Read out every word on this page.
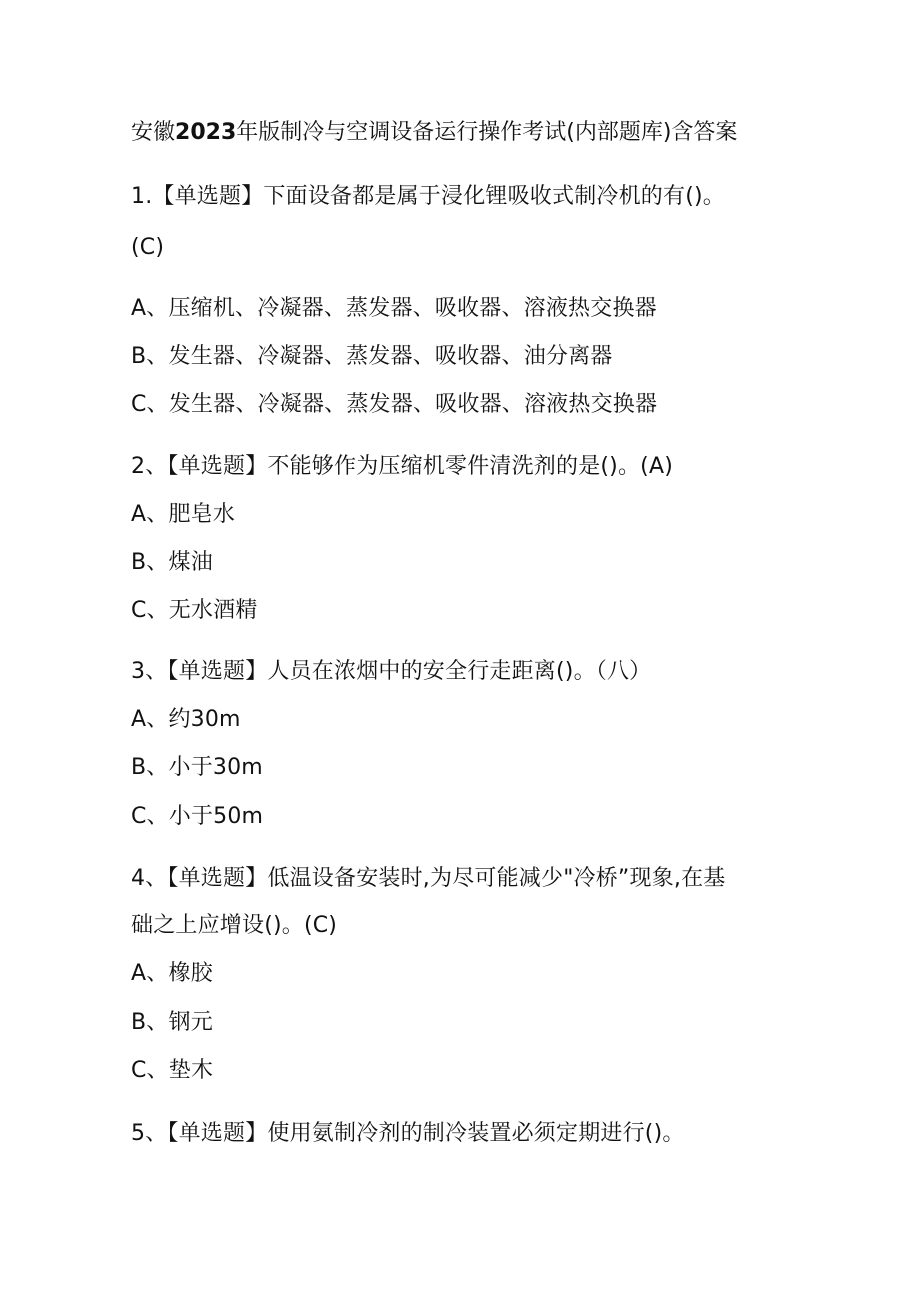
安徽2023年版制冷与空调设备运行操作考试(内部题库)含答案
1.【单选题】下面设备都是属于浸化锂吸收式制冷机的有()。
(C)
A、压缩机、冷凝器、蒸发器、吸收器、溶液热交换器
B、发生器、冷凝器、蒸发器、吸收器、油分离器
C、发生器、冷凝器、蒸发器、吸收器、溶液热交换器
2、【单选题】不能够作为压缩机零件清洗剂的是()。(A)
A、肥皂水
B、煤油
C、无水酒精
3、【单选题】人员在浓烟中的安全行走距离()。（八）
A、约30m
B、小于30m
C、小于50m
4、【单选题】低温设备安装时,为尽可能减少"冷桥”现象,在基
础之上应增设()。(C)
A、橡胶
B、钢元
C、垫木
5、【单选题】使用氨制冷剂的制冷装置必须定期进行()。
